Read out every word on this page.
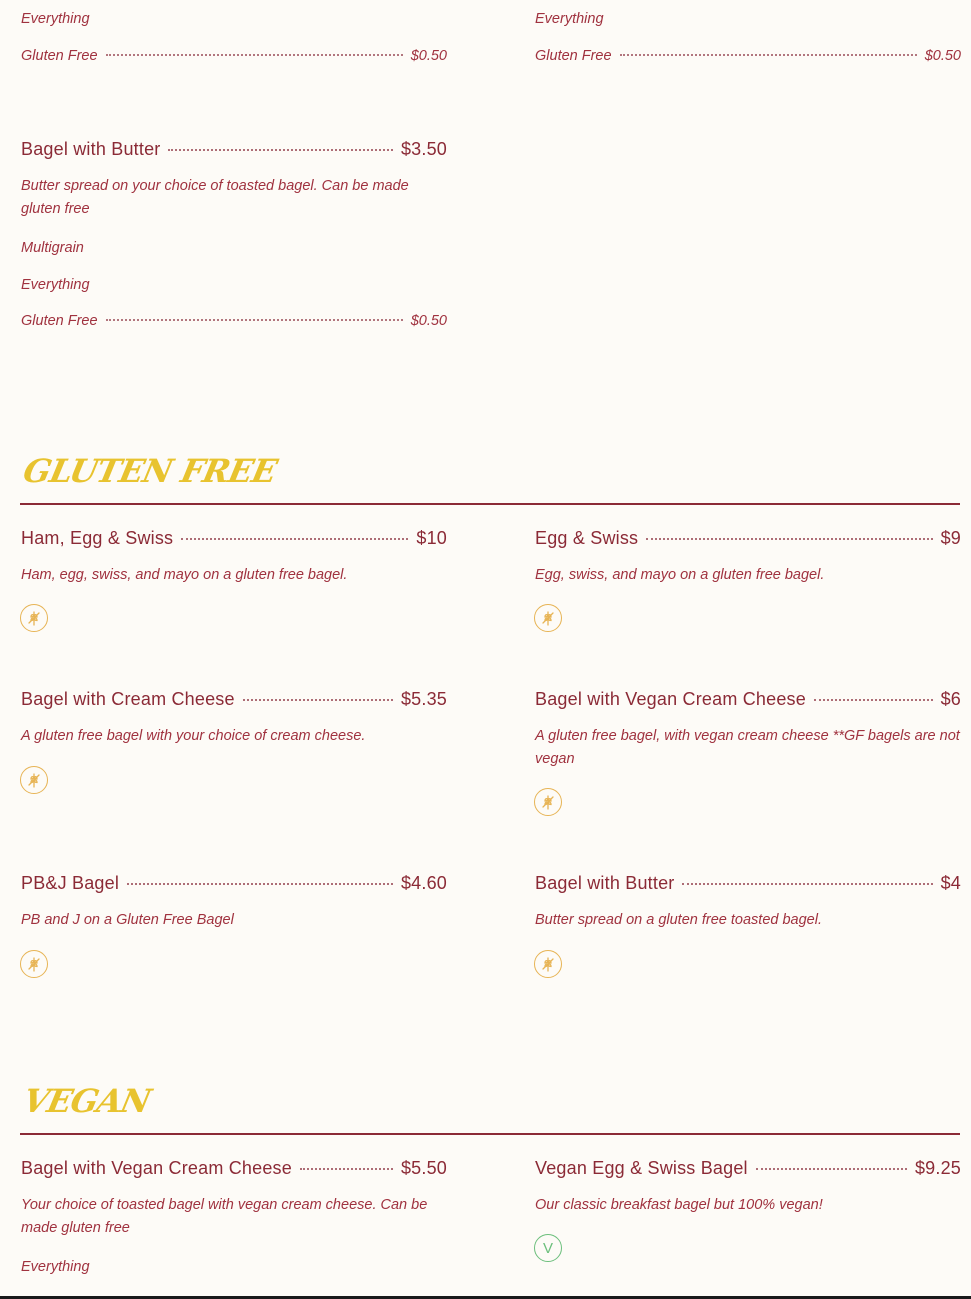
Everything
Gluten Free	$0.50
Everything
Gluten Free	$0.50
Bagel with Butter	$3.50
Butter spread on your choice of toasted bagel. Can be made gluten free
Multigrain
Everything
Gluten Free	$0.50
GLUTEN FREE
Ham, Egg & Swiss	$10
Ham, egg, swiss, and mayo on a gluten free bagel.
Egg & Swiss	$9
Egg, swiss, and mayo on a gluten free bagel.
Bagel with Cream Cheese	$5.35
A gluten free bagel with your choice of cream cheese.
Bagel with Vegan Cream Cheese	$6
A gluten free bagel, with vegan cream cheese **GF bagels are not vegan
PB&J Bagel	$4.60
PB and J on a Gluten Free Bagel
Bagel with Butter	$4
Butter spread on a gluten free toasted bagel.
VEGAN
Bagel with Vegan Cream Cheese	$5.50
Your choice of toasted bagel with vegan cream cheese. Can be made gluten free
Everything
Vegan Egg & Swiss Bagel	$9.25
Our classic breakfast bagel but 100% vegan!
V
